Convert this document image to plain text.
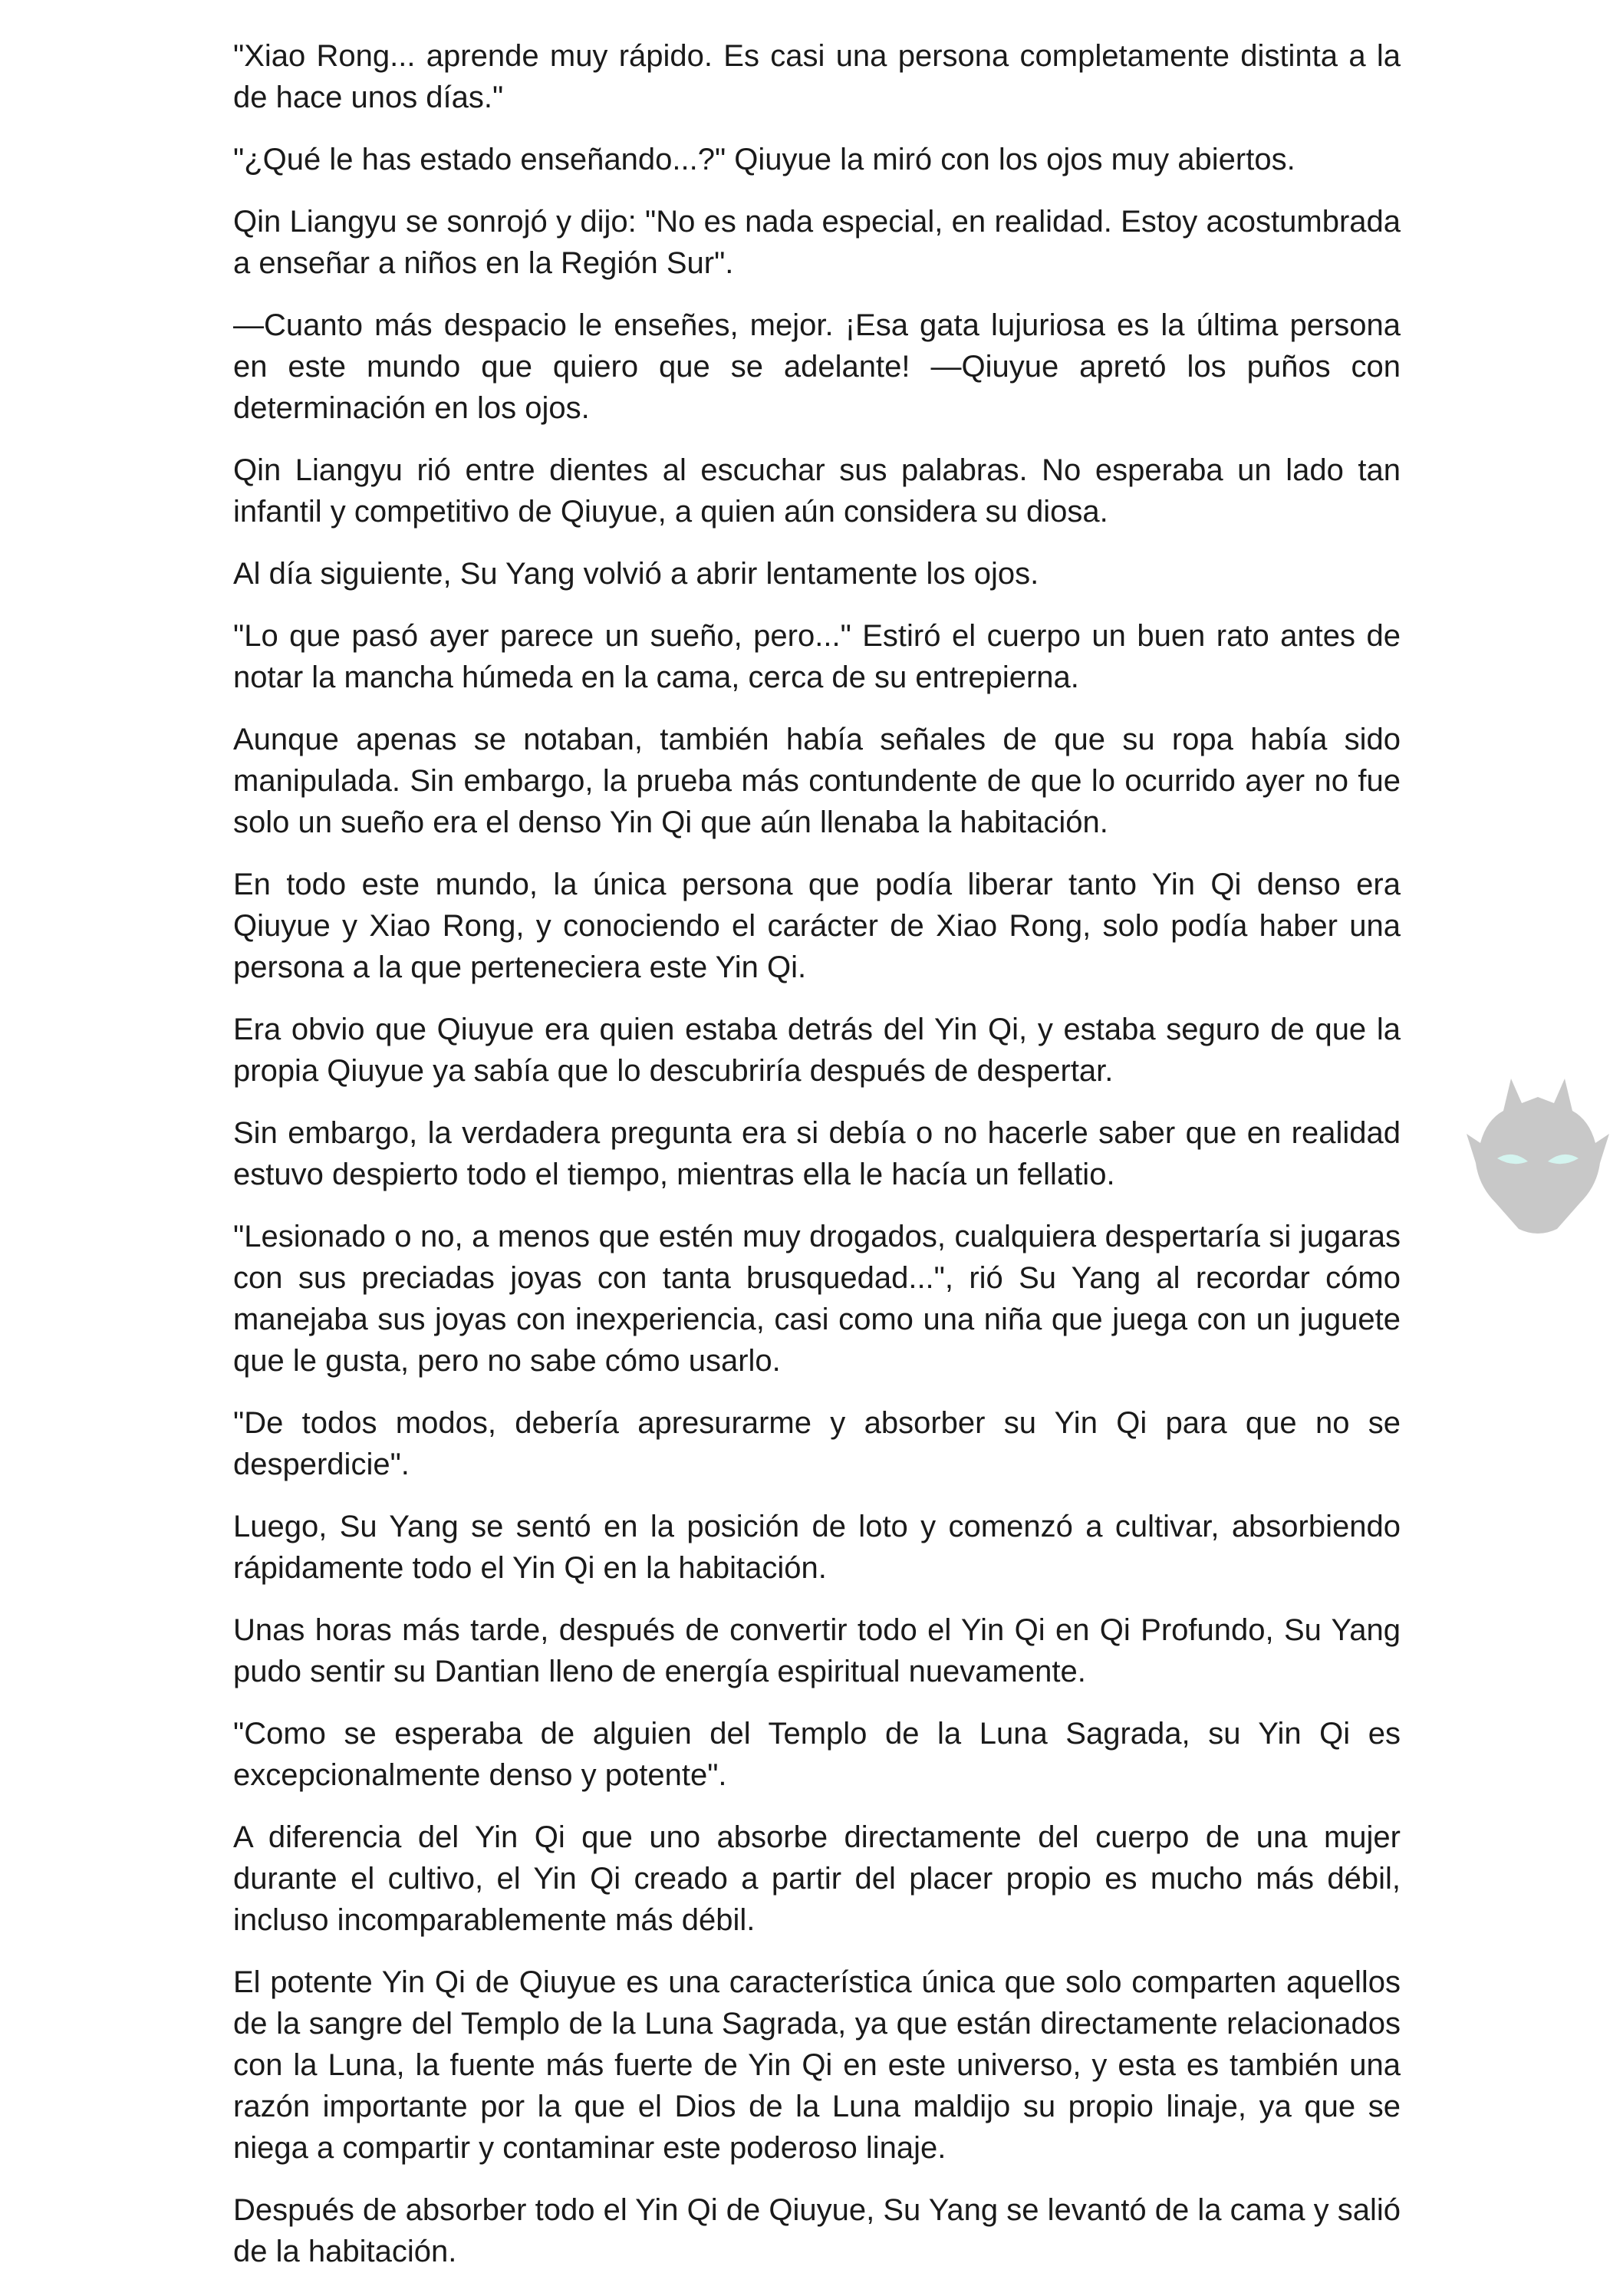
"Xiao Rong... aprende muy rápido. Es casi una persona completamente distinta a la de hace unos días."

"¿Qué le has estado enseñando...?" Qiuyue la miró con los ojos muy abiertos.

Qin Liangyu se sonrojó y dijo: "No es nada especial, en realidad. Estoy acostumbrada a enseñar a niños en la Región Sur".

—Cuanto más despacio le enseñes, mejor. ¡Esa gata lujuriosa es la última persona en este mundo que quiero que se adelante! —Qiuyue apretó los puños con determinación en los ojos.

Qin Liangyu rió entre dientes al escuchar sus palabras. No esperaba un lado tan infantil y competitivo de Qiuyue, a quien aún considera su diosa.

Al día siguiente, Su Yang volvió a abrir lentamente los ojos.

"Lo que pasó ayer parece un sueño, pero..." Estiró el cuerpo un buen rato antes de notar la mancha húmeda en la cama, cerca de su entrepierna.

Aunque apenas se notaban, también había señales de que su ropa había sido manipulada. Sin embargo, la prueba más contundente de que lo ocurrido ayer no fue solo un sueño era el denso Yin Qi que aún llenaba la habitación.

En todo este mundo, la única persona que podía liberar tanto Yin Qi denso era Qiuyue y Xiao Rong, y conociendo el carácter de Xiao Rong, solo podía haber una persona a la que perteneciera este Yin Qi.

Era obvio que Qiuyue era quien estaba detrás del Yin Qi, y estaba seguro de que la propia Qiuyue ya sabía que lo descubriría después de despertar.

Sin embargo, la verdadera pregunta era si debía o no hacerle saber que en realidad estuvo despierto todo el tiempo, mientras ella le hacía un fellatio.

"Lesionado o no, a menos que estén muy drogados, cualquiera despertaría si jugaras con sus preciadas joyas con tanta brusquedad...", rió Su Yang al recordar cómo manejaba sus joyas con inexperiencia, casi como una niña que juega con un juguete que le gusta, pero no sabe cómo usarlo.

"De todos modos, debería apresurarme y absorber su Yin Qi para que no se desperdicie".

Luego, Su Yang se sentó en la posición de loto y comenzó a cultivar, absorbiendo rápidamente todo el Yin Qi en la habitación.

Unas horas más tarde, después de convertir todo el Yin Qi en Qi Profundo, Su Yang pudo sentir su Dantian lleno de energía espiritual nuevamente.

"Como se esperaba de alguien del Templo de la Luna Sagrada, su Yin Qi es excepcionalmente denso y potente".

A diferencia del Yin Qi que uno absorbe directamente del cuerpo de una mujer durante el cultivo, el Yin Qi creado a partir del placer propio es mucho más débil, incluso incomparablemente más débil.

El potente Yin Qi de Qiuyue es una característica única que solo comparten aquellos de la sangre del Templo de la Luna Sagrada, ya que están directamente relacionados con la Luna, la fuente más fuerte de Yin Qi en este universo, y esta es también una razón importante por la que el Dios de la Luna maldijo su propio linaje, ya que se niega a compartir y contaminar este poderoso linaje.

Después de absorber todo el Yin Qi de Qiuyue, Su Yang se levantó de la cama y salió de la habitación.
